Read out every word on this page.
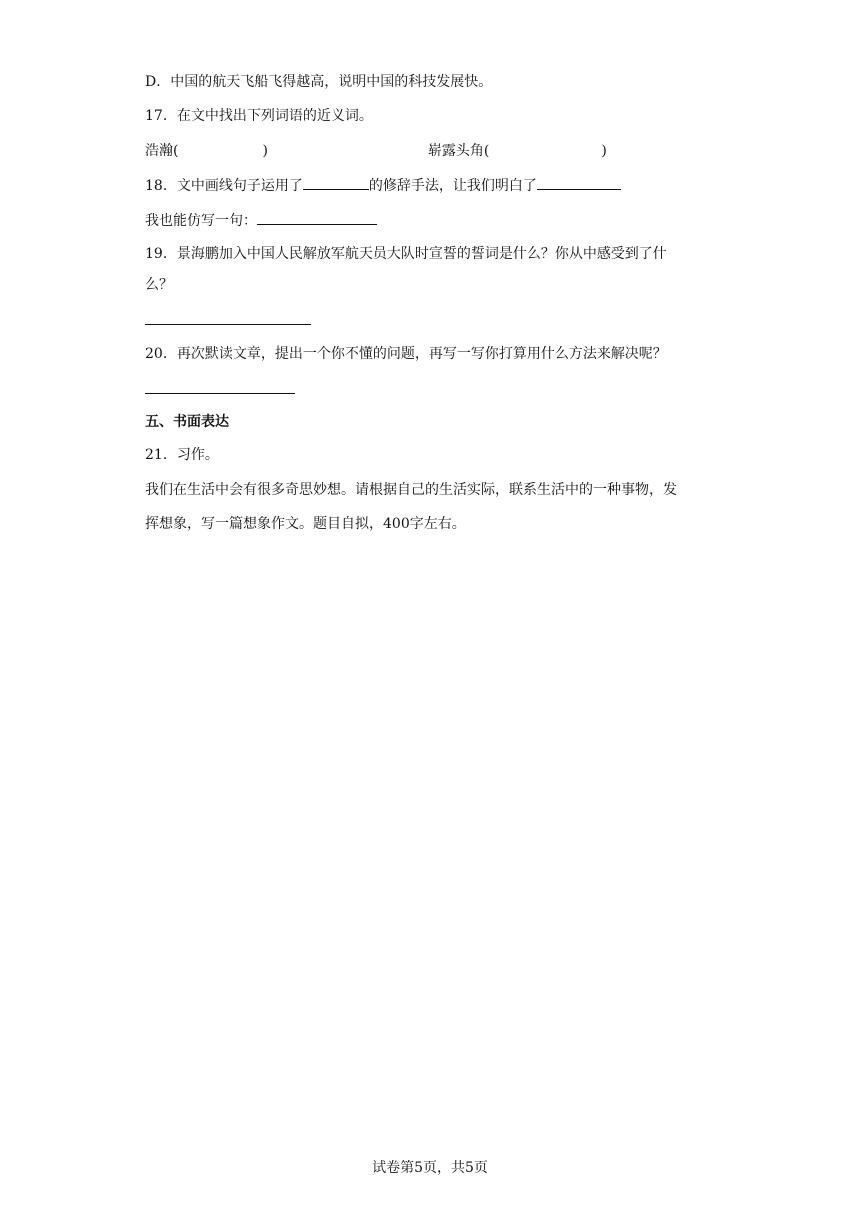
D．中国的航天飞船飞得越高，说明中国的科技发展快。
17．在文中找出下列词语的近义词。
浩瀚(	)	崭露头角(	)
18．文中画线句子运用了	的修辞手法，让我们明白了
我也能仿写一句：
19．景海鹏加入中国人民解放军航天员大队时宣誓的誓词是什么？你从中感受到了什
么？
20．再次默读文章，提出一个你不懂的问题，再写一写你打算用什么方法来解决呢？
五、书面表达
21．习作。
我们在生活中会有很多奇思妙想。请根据自己的生活实际，联系生活中的一种事物，发
挥想象，写一篇想象作文。题目自拟，400字左右。
试卷第5页，共5页
